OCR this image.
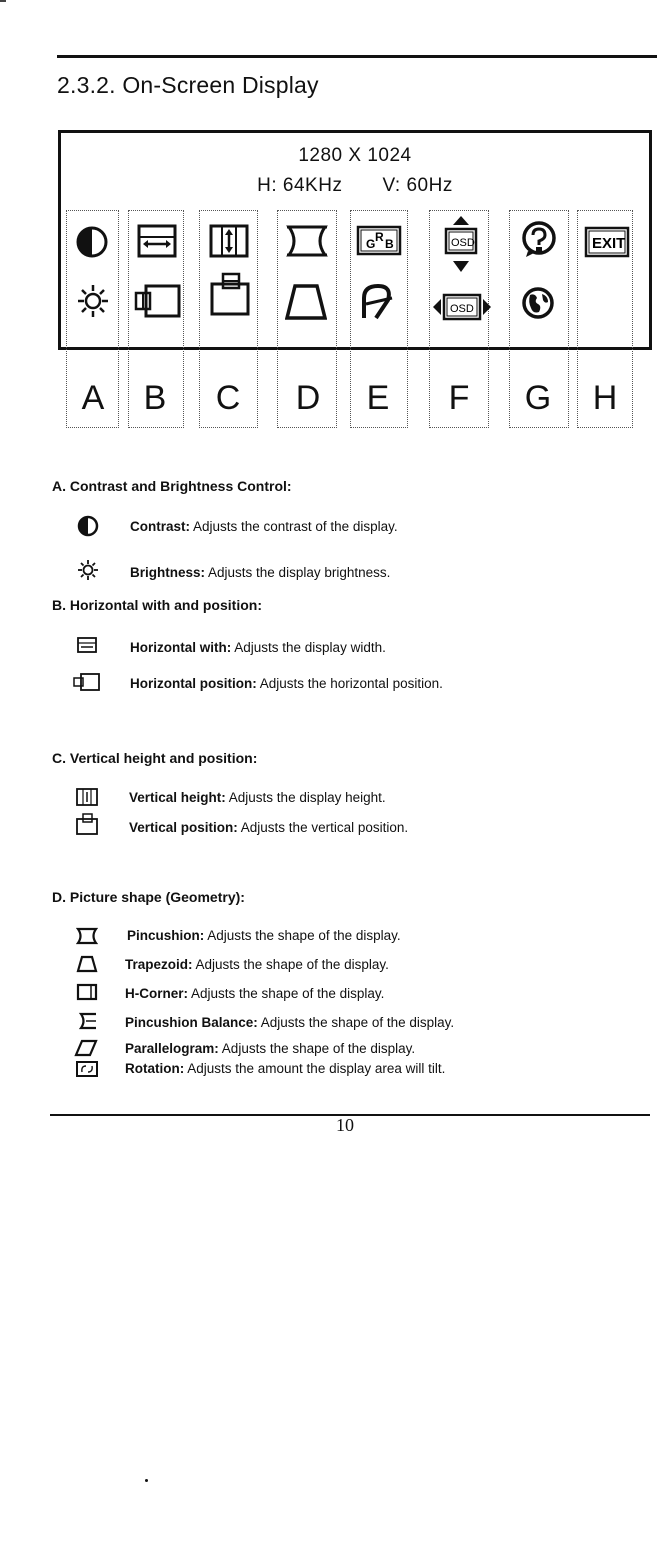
2.3.2. On-Screen Display
1280 X 1024
H: 64KHz V: 60Hz
G R B	OSD	EXIT
OSD
A	B	C	D	E	F	G	H
A. Contrast and Brightness Control:
Contrast: Adjusts the contrast of the display.
Brightness: Adjusts the display brightness.
B. Horizontal with and position:
Horizontal with: Adjusts the display width.
Horizontal position: Adjusts the horizontal position.
C. Vertical height and position:
Vertical height: Adjusts the display height.
Vertical position: Adjusts the vertical position.
D. Picture shape (Geometry):
Pincushion: Adjusts the shape of the display.
Trapezoid: Adjusts the shape of the display.
H-Corner: Adjusts the shape of the display.
Pincushion Balance: Adjusts the shape of the display.
Parallelogram: Adjusts the shape of the display.
Rotation: Adjusts the amount the display area will tilt.
10
